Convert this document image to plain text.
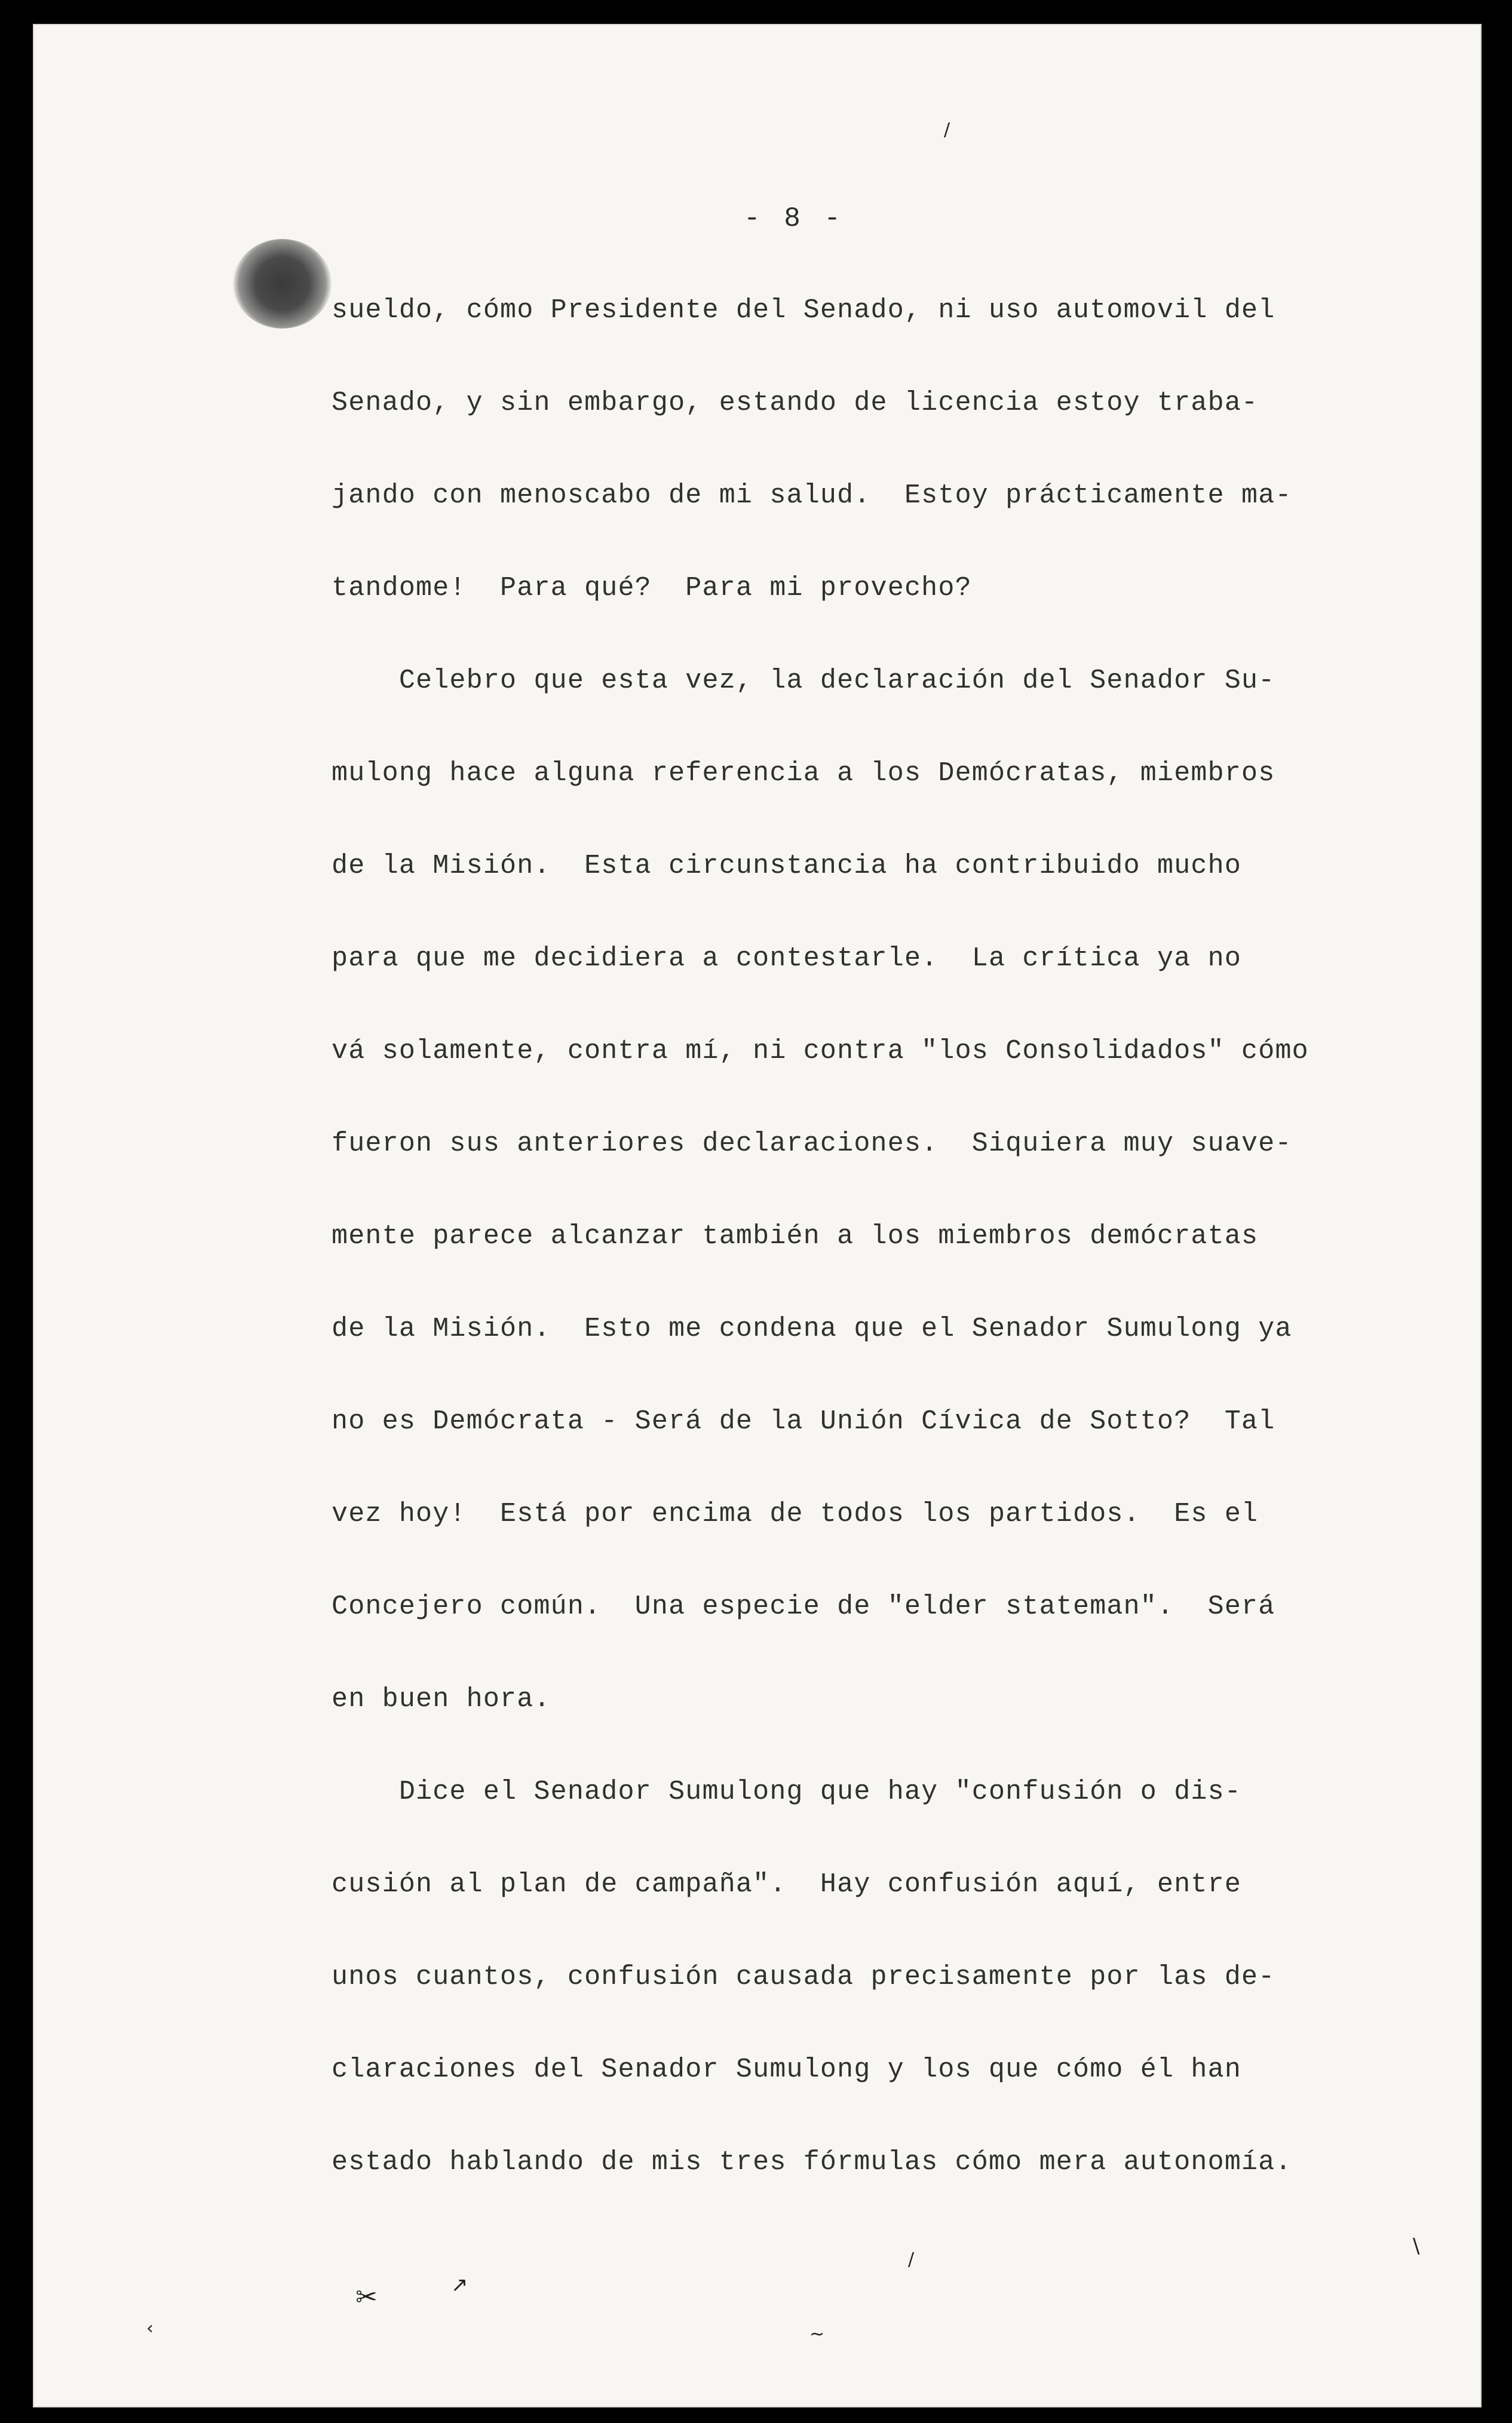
- 8 -
sueldo, cómo Presidente del Senado, ni uso automovil del
Senado, y sin embargo, estando de licencia estoy traba-
jando con menoscabo de mi salud.  Estoy prácticamente ma-
tandome!  Para qué?  Para mi provecho?
Celebro que esta vez, la declaración del Senador Su-
mulong hace alguna referencia a los Demócratas, miembros
de la Misión.  Esta circunstancia ha contribuido mucho
para que me decidiera a contestarle.  La crítica ya no
vá solamente, contra mí, ni contra "los Consolidados" cómo
fueron sus anteriores declaraciones.  Siquiera muy suave-
mente parece alcanzar también a los miembros demócratas
de la Misión.  Esto me condena que el Senador Sumulong ya
no es Demócrata - Será de la Unión Cívica de Sotto?  Tal
vez hoy!  Está por encima de todos los partidos.  Es el
Concejero común.  Una especie de "elder stateman".  Será
en buen hora.
Dice el Senador Sumulong que hay "confusión o dis-
cusión al plan de campaña".  Hay confusión aquí, entre
unos cuantos, confusión causada precisamente por las de-
claraciones del Senador Sumulong y los que cómo él han
estado hablando de mis tres fórmulas cómo mera autonomía.
/
✂	↗
\
/
‹	~
